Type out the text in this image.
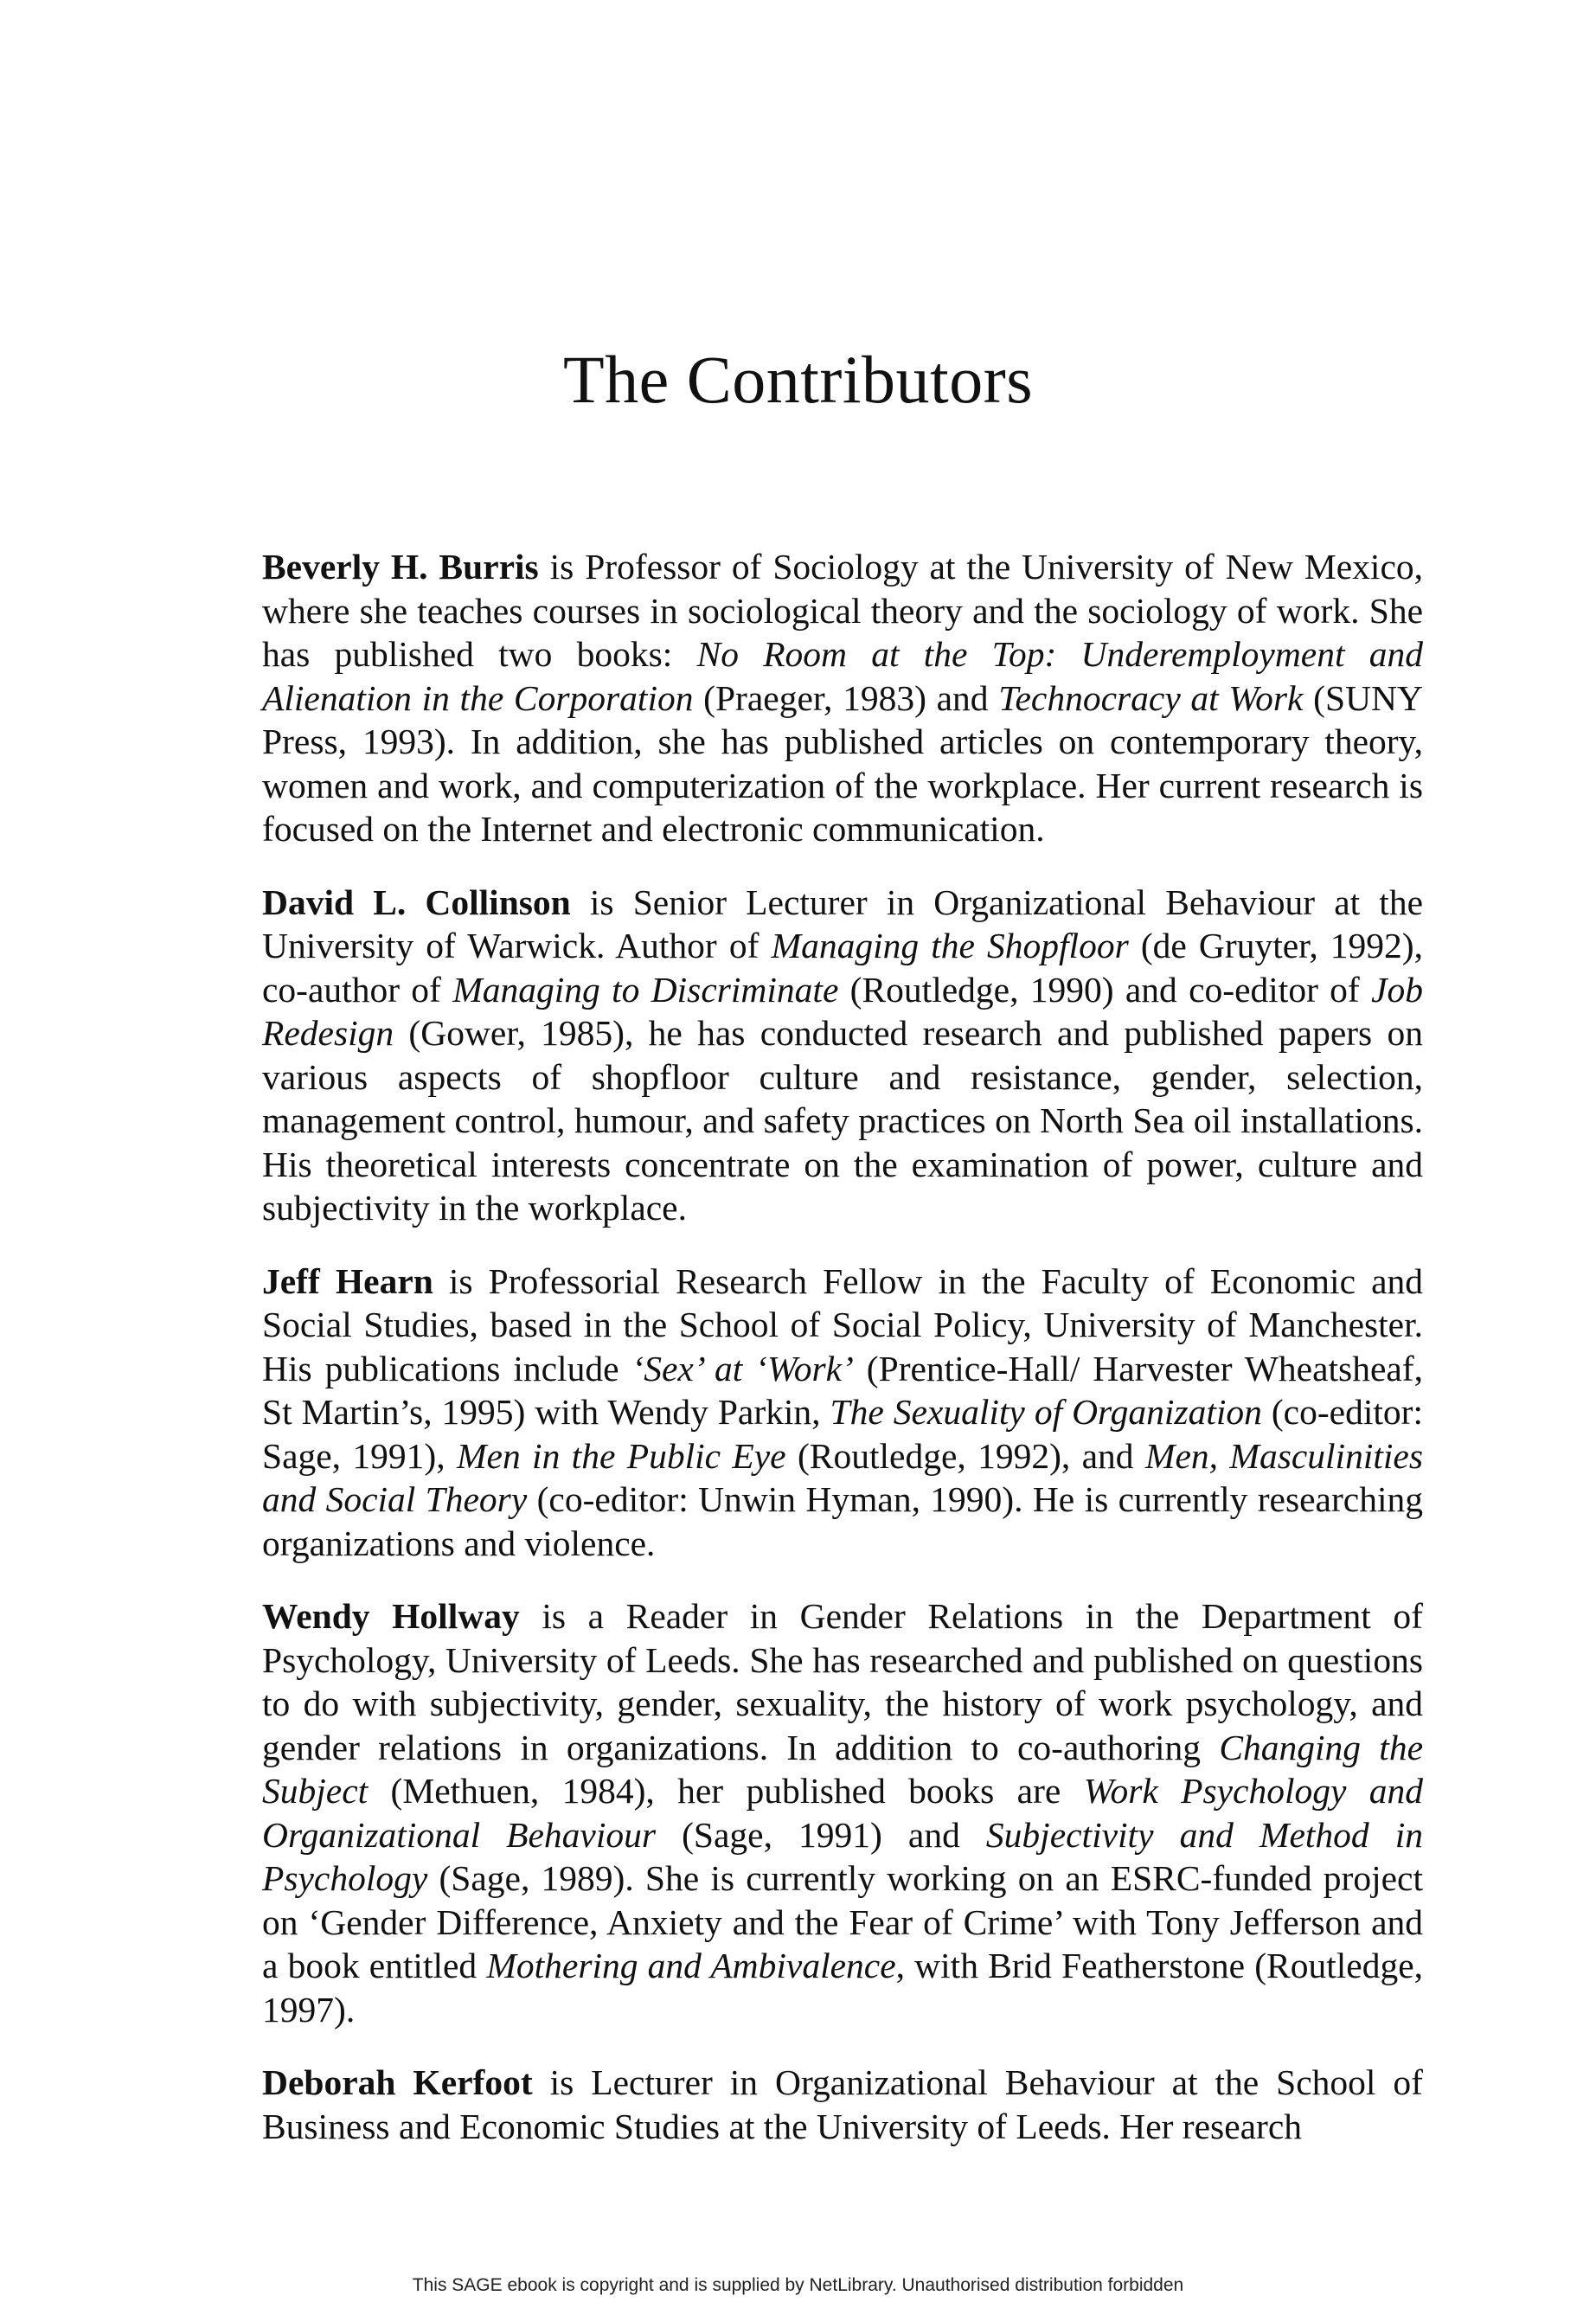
The Contributors

Beverly H. Burris is Professor of Sociology at the University of New Mexico, where she teaches courses in sociological theory and the sociology of work. She has published two books: No Room at the Top: Underemployment and Alienation in the Corporation (Praeger, 1983) and Technocracy at Work (SUNY Press, 1993). In addition, she has published articles on contemporary theory, women and work, and computerization of the workplace. Her current research is focused on the Internet and electronic communication.

David L. Collinson is Senior Lecturer in Organizational Behaviour at the University of Warwick. Author of Managing the Shopfloor (de Gruyter, 1992), co-author of Managing to Discriminate (Routledge, 1990) and co-editor of Job Redesign (Gower, 1985), he has conducted research and published papers on various aspects of shopfloor culture and resistance, gender, selection, management control, humour, and safety practices on North Sea oil installations. His theoretical interests concentrate on the examination of power, culture and subjectivity in the workplace.

Jeff Hearn is Professorial Research Fellow in the Faculty of Economic and Social Studies, based in the School of Social Policy, University of Manchester. His publications include ‘Sex’ at ‘Work’ (Prentice-Hall/ Harvester Wheatsheaf, St Martin’s, 1995) with Wendy Parkin, The Sexuality of Organization (co-editor: Sage, 1991), Men in the Public Eye (Routledge, 1992), and Men, Masculinities and Social Theory (co-editor: Unwin Hyman, 1990). He is currently researching organizations and violence.

Wendy Hollway is a Reader in Gender Relations in the Department of Psychology, University of Leeds. She has researched and published on questions to do with subjectivity, gender, sexuality, the history of work psychology, and gender relations in organizations. In addition to co-authoring Changing the Subject (Methuen, 1984), her published books are Work Psychology and Organizational Behaviour (Sage, 1991) and Subjectivity and Method in Psychology (Sage, 1989). She is currently working on an ESRC-funded project on ‘Gender Difference, Anxiety and the Fear of Crime’ with Tony Jefferson and a book entitled Mothering and Ambivalence, with Brid Featherstone (Routledge, 1997).

Deborah Kerfoot is Lecturer in Organizational Behaviour at the School of Business and Economic Studies at the University of Leeds. Her research

This SAGE ebook is copyright and is supplied by NetLibrary. Unauthorised distribution forbidden
